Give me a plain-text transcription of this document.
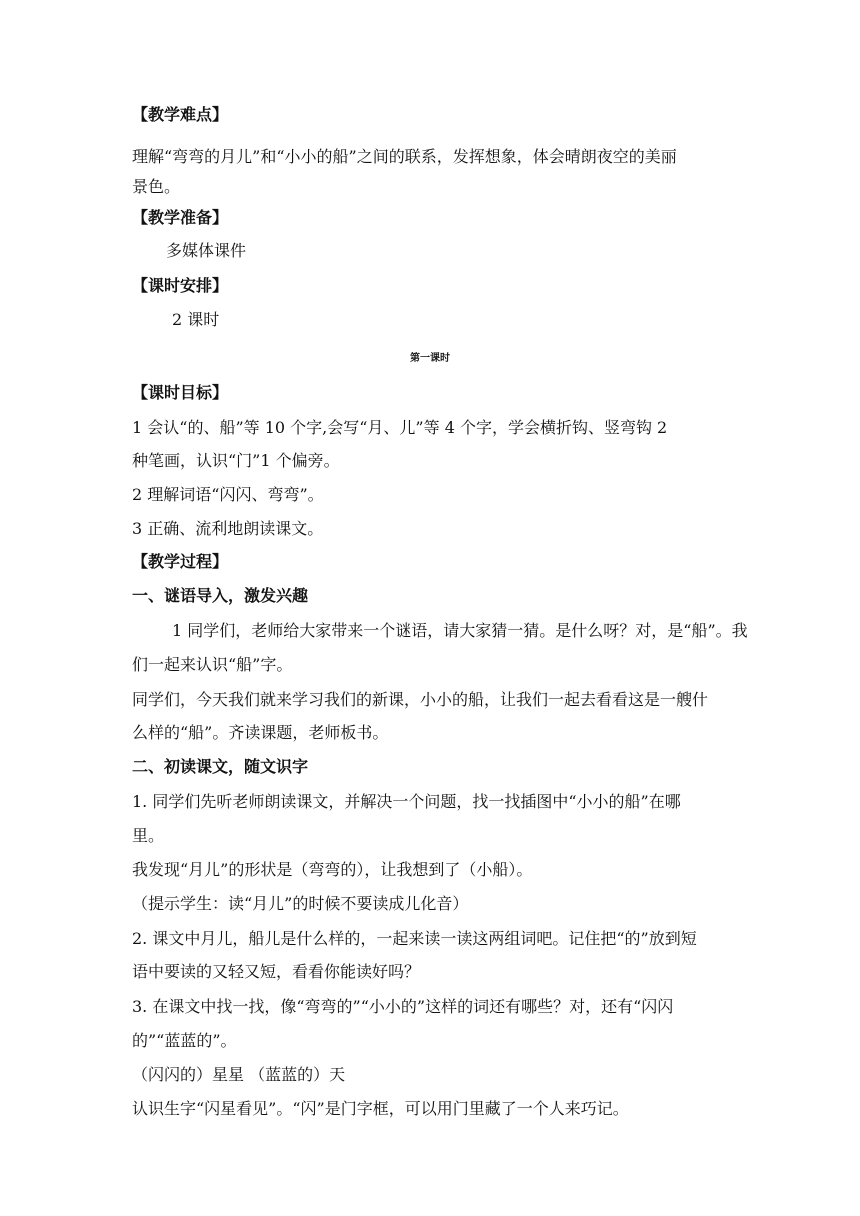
【教学难点】
理解“弯弯的月儿”和“小小的船”之间的联系，发挥想象，体会晴朗夜空的美丽
景色。
【教学准备】
多媒体课件
【课时安排】
2 课时
第一课时
【课时目标】
1 会认“的、船”等 10 个字,会写“月、儿”等 4 个字，学会横折钩、竖弯钩 2
种笔画，认识“门”1 个偏旁。
2 理解词语“闪闪、弯弯”。
3 正确、流利地朗读课文。
【教学过程】
一、谜语导入，激发兴趣
1 同学们，老师给大家带来一个谜语，请大家猜一猜。是什么呀？对，是“船”。我
们一起来认识“船”字。
同学们，今天我们就来学习我们的新课，小小的船，让我们一起去看看这是一艘什
么样的“船”。齐读课题，老师板书。
二、初读课文，随文识字
1. 同学们先听老师朗读课文，并解决一个问题，找一找插图中“小小的船”在哪
里。
我发现“月儿”的形状是（弯弯的），让我想到了（小船）。
（提示学生：读“月儿”的时候不要读成儿化音）
2. 课文中月儿，船儿是什么样的，一起来读一读这两组词吧。记住把“的”放到短
语中要读的又轻又短，看看你能读好吗？
3. 在课文中找一找，像“弯弯的”“小小的”这样的词还有哪些？对，还有“闪闪
的”“蓝蓝的”。
（闪闪的）星星 （蓝蓝的）天
认识生字“闪星看见”。“闪”是门字框，可以用门里藏了一个人来巧记。
